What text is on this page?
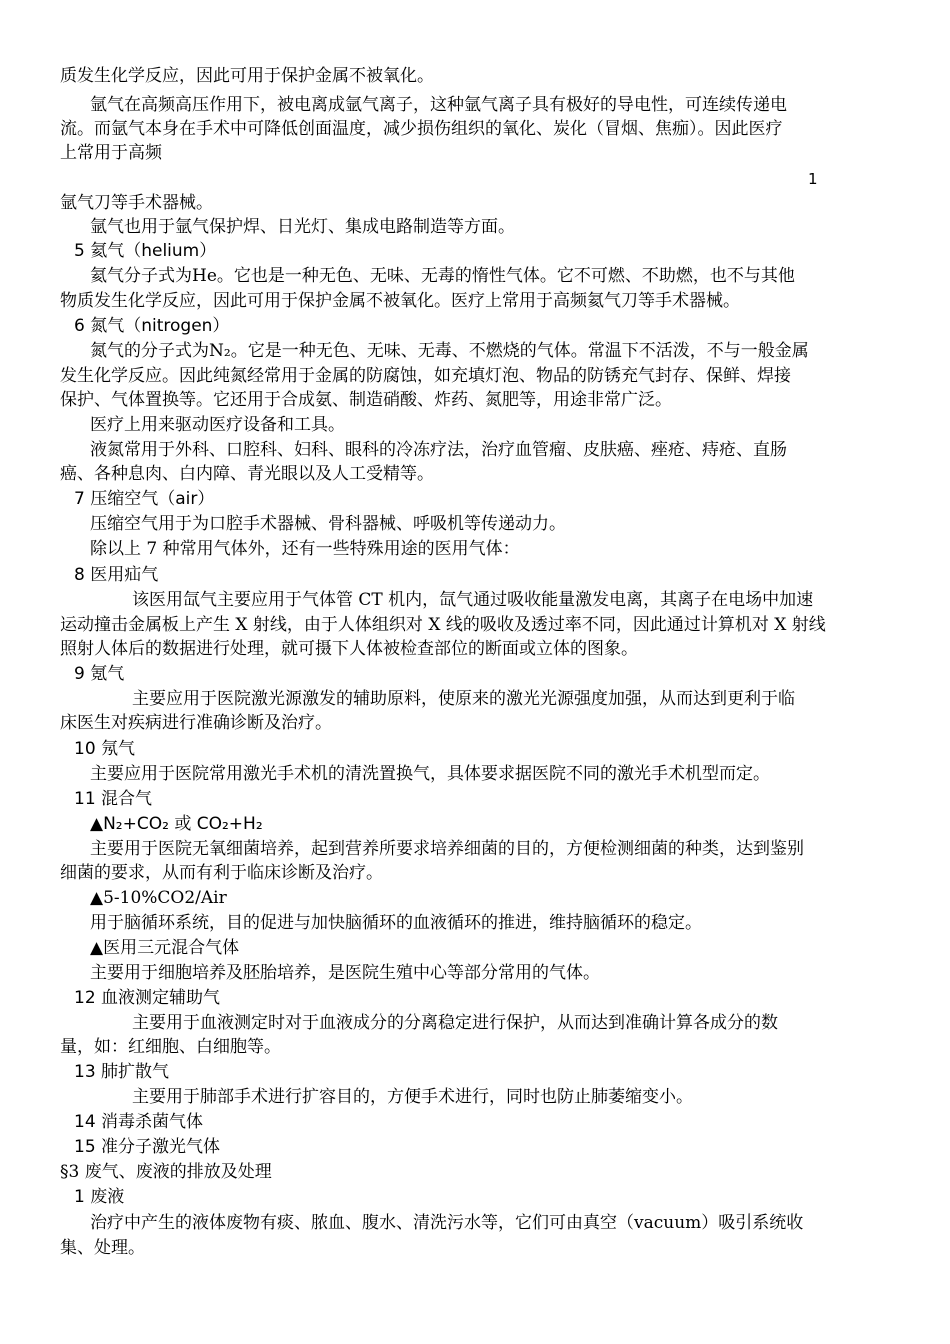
质发生化学反应，因此可用于保护金属不被氧化。
氩气在高频高压作用下，被电离成氩气离子，这种氩气离子具有极好的导电性，可连续传递电
流。而氩气本身在手术中可降低创面温度，减少损伤组织的氧化、炭化（冒烟、焦痂）。因此医疗
上常用于高频
1
氩气刀等手术器械。
氩气也用于氩气保护焊、日光灯、集成电路制造等方面。
5 氦气（helium）
氦气分子式为He。它也是一种无色、无味、无毒的惰性气体。它不可燃、不助燃，也不与其他
物质发生化学反应，因此可用于保护金属不被氧化。医疗上常用于高频氦气刀等手术器械。
6 氮气（nitrogen）
氮气的分子式为N₂。它是一种无色、无味、无毒、不燃烧的气体。常温下不活泼，不与一般金属
发生化学反应。因此纯氮经常用于金属的防腐蚀，如充填灯泡、物品的防锈充气封存、保鲜、焊接
保护、气体置换等。它还用于合成氨、制造硝酸、炸药、氮肥等，用途非常广泛。
医疗上用来驱动医疗设备和工具。
液氮常用于外科、口腔科、妇科、眼科的冷冻疗法，治疗血管瘤、皮肤癌、痤疮、痔疮、直肠
癌、各种息肉、白内障、青光眼以及人工受精等。
7 压缩空气（air）
压缩空气用于为口腔手术器械、骨科器械、呼吸机等传递动力。
除以上 7 种常用气体外，还有一些特殊用途的医用气体：
8 医用疝气
该医用氙气主要应用于气体管 CT 机内，氙气通过吸收能量激发电离，其离子在电场中加速
运动撞击金属板上产生 X 射线，由于人体组织对 X 线的吸收及透过率不同，因此通过计算机对 X 射线
照射人体后的数据进行处理，就可摄下人体被检查部位的断面或立体的图象。
9 氪气
主要应用于医院激光源激发的辅助原料，使原来的激光光源强度加强，从而达到更利于临
床医生对疾病进行准确诊断及治疗。
10 氖气
主要应用于医院常用激光手术机的清洗置换气，具体要求据医院不同的激光手术机型而定。
11 混合气
▲N₂+CO₂ 或 CO₂+H₂
主要用于医院无氧细菌培养，起到营养所要求培养细菌的目的，方便检测细菌的种类，达到鉴别
细菌的要求，从而有利于临床诊断及治疗。
▲5-10%CO2/Air
用于脑循环系统，目的促进与加快脑循环的血液循环的推进，维持脑循环的稳定。
▲医用三元混合气体
主要用于细胞培养及胚胎培养，是医院生殖中心等部分常用的气体。
12 血液测定辅助气
主要用于血液测定时对于血液成分的分离稳定进行保护，从而达到准确计算各成分的数
量，如：红细胞、白细胞等。
13 肺扩散气
主要用于肺部手术进行扩容目的，方便手术进行，同时也防止肺萎缩变小。
14 消毒杀菌气体
15 准分子激光气体
§3 废气、废液的排放及处理
1 废液
治疗中产生的液体废物有痰、脓血、腹水、清洗污水等，它们可由真空（vacuum）吸引系统收
集、处理。
